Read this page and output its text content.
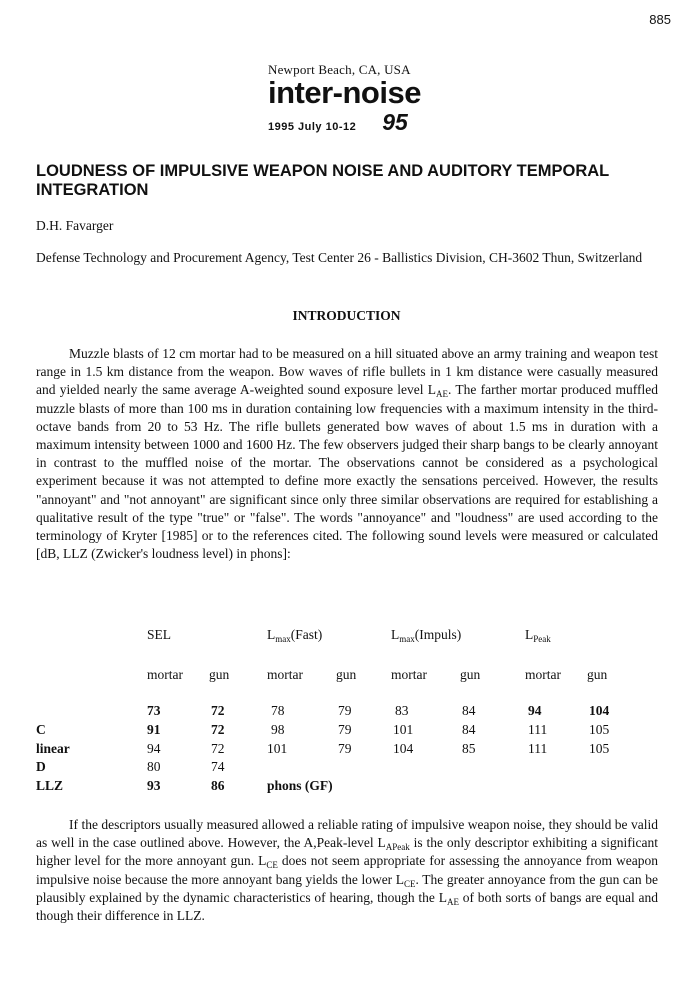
885
Newport Beach, CA, USA
inter-noise
1995 July 10-12 95
LOUDNESS OF IMPULSIVE WEAPON NOISE AND AUDITORY TEMPORAL INTEGRATION
D.H. Favarger
Defense Technology and Procurement Agency, Test Center 26 - Ballistics Division, CH-3602 Thun, Switzerland
INTRODUCTION

Muzzle blasts of 12 cm mortar had to be measured on a hill situated above an army training and weapon test range in 1.5 km distance from the weapon. Bow waves of rifle bullets in 1 km distance were casually measured and yielded nearly the same average A-weighted sound exposure level $L_{AE}$. The farther mortar produced muffled muzzle blasts of more than 100 ms in duration containing low frequencies with a maximum intensity in the third-octave bands from 20 to 53 Hz. The rifle bullets generated bow waves of about 1.5 ms in duration with a maximum intensity between 1000 and 1600 Hz. The few observers judged their sharp bangs to be clearly annoyant in contrast to the muffled noise of the mortar. The observations cannot be considered as a psychological experiment because it was not attempted to define more exactly the sensations perceived. However, the results "annoyant" and "not annoyant" are significant since only three similar observations are required for establishing a qualitative result of the type "true" or "false". The words "annoyance" and "loudness" are used according to the terminology of Kryter [1985] or to the references cited. The following sound levels were measured or calculated [dB, LLZ (Zwicker's loudness level) in phons]:

SEL	$L_{max}(Fast)$	$L_{max}(Impuls)$	$L_{Peak}$
mortar gun	mortar gun	mortar gun	mortar gun
73	72	78	79	83	84	94	104
C	91	72	98	79	101	84	111	105
linear	94	72	101	79	104	85	111	105
D	80	74
LLZ	93	86	phons (GF)

If the descriptors usually measured allowed a reliable rating of impulsive weapon noise, they should be valid as well in the case outlined above. However, the A,Peak-level $L_{APeak}$ is the only descriptor exhibiting a significant higher level for the more annoyant gun. $L_{CE}$ does not seem appropriate for assessing the annoyance from weapon impulsive noise because the more annoyant bang yields the lower $L_{CE}$. The greater annoyance from the gun can be plausibly explained by the dynamic characteristics of hearing, though the $L_{AE}$ of both sorts of bangs are equal and though their difference in LLZ.
